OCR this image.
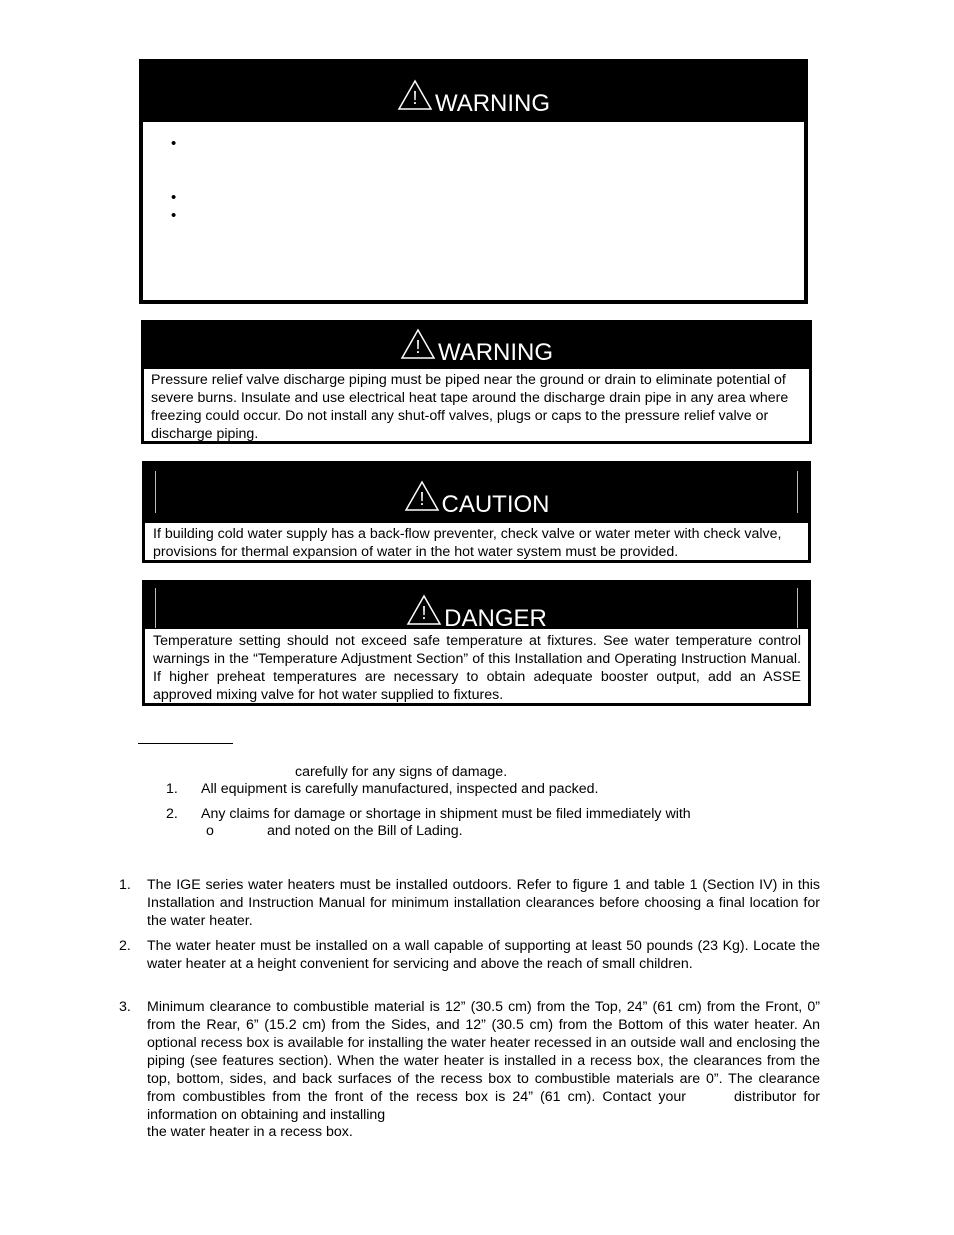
! WARNING
•
•
•
! WARNING
Pressure relief valve discharge piping must be piped near the ground or drain to eliminate potential of severe burns. Insulate and use electrical heat tape around the discharge drain pipe in any area where freezing could occur. Do not install any shut-off valves, plugs or caps to the pressure relief valve or discharge piping.
! CAUTION
If building cold water supply has a back-flow preventer, check valve or water meter with check valve, provisions for thermal expansion of water in the hot water system must be provided.
! DANGER
Temperature setting should not exceed safe temperature at fixtures. See water temperature control warnings in the “Temperature Adjustment Section” of this Installation and Operating Instruction Manual. If higher preheat temperatures are necessary to obtain adequate booster output, add an ASSE approved mixing valve for hot water supplied to fixtures.
carefully for any signs of damage.
1. All equipment is carefully manufactured, inspected and packed.
2. Any claims for damage or shortage in shipment must be filed immediately with
o	and noted on the Bill of Lading.
1. The IGE series water heaters must be installed outdoors. Refer to figure 1 and table 1 (Section IV) in this Installation and Instruction Manual for minimum installation clearances before choosing a final location for the water heater.
2. The water heater must be installed on a wall capable of supporting at least 50 pounds (23 Kg). Locate the water heater at a height convenient for servicing and above the reach of small children.
3. Minimum clearance to combustible material is 12” (30.5 cm) from the Top, 24” (61 cm) from the Front, 0” from the Rear, 6” (15.2 cm) from the Sides, and 12” (30.5 cm) from the Bottom of this water heater. An optional recess box is available for installing the water heater recessed in an outside wall and enclosing the piping (see features section). When the water heater is installed in a recess box, the clearances from the top, bottom, sides, and back surfaces of the recess box to combustible materials are 0”. The clearance from combustibles from the front of the recess box is 24” (61 cm). Contact your	distributor for information on obtaining and installing
the water heater in a recess box.
